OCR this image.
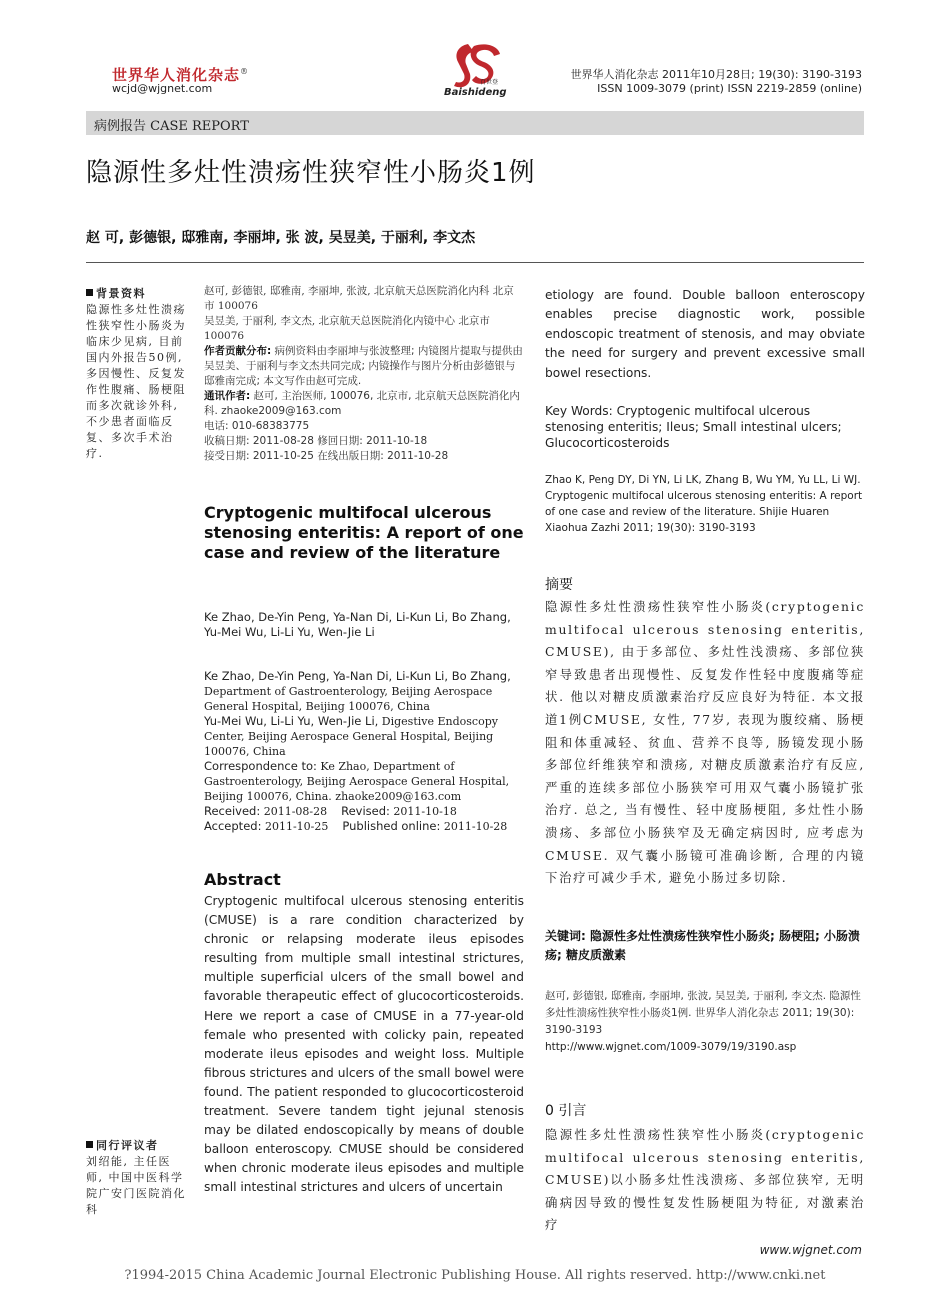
世界华人消化杂志®
wcjd@wjgnet.com	百世登
Baishideng
世界华人消化杂志 2011年10月28日; 19(30): 3190-3193
ISSN 1009-3079 (print) ISSN 2219-2859 (online)
病例报告 CASE REPORT
隐源性多灶性溃疡性狭窄性小肠炎1例
赵 可, 彭德银, 邸雅南, 李丽坤, 张 波, 吴昱美, 于丽利, 李文杰
背景资料
隐源性多灶性溃疡性狭窄性小肠炎为临床少见病, 目前国内外报告50例, 多因慢性、反复发作性腹痛、肠梗阻而多次就诊外科, 不少患者面临反复、多次手术治疗.
同行评议者
刘绍能, 主任医师, 中国中医科学院广安门医院消化科
赵可, 彭德银, 邸雅南, 李丽坤, 张波, 北京航天总医院消化内科 北京市 100076
吴昱美, 于丽利, 李文杰, 北京航天总医院消化内镜中心 北京市 100076
作者贡献分布: 病例资料由李丽坤与张波整理; 内镜图片提取与提供由吴昱美、于丽利与李文杰共同完成; 内镜操作与图片分析由彭德银与邸雅南完成; 本文写作由赵可完成.
通讯作者: 赵可, 主治医师, 100076, 北京市, 北京航天总医院消化内科. zhaoke2009@163.com
电话: 010-68383775
收稿日期: 2011-08-28 修回日期: 2011-10-18
接受日期: 2011-10-25 在线出版日期: 2011-10-28
Cryptogenic multifocal ulcerous stenosing enteritis: A report of one case and review of the literature
Ke Zhao, De-Yin Peng, Ya-Nan Di, Li-Kun Li, Bo Zhang, Yu-Mei Wu, Li-Li Yu, Wen-Jie Li
Ke Zhao, De-Yin Peng, Ya-Nan Di, Li-Kun Li, Bo Zhang, Department of Gastroenterology, Beijing Aerospace General Hospital, Beijing 100076, China
Yu-Mei Wu, Li-Li Yu, Wen-Jie Li, Digestive Endoscopy Center, Beijing Aerospace General Hospital, Beijing 100076, China
Correspondence to: Ke Zhao, Department of Gastroenterology, Beijing Aerospace General Hospital, Beijing 100076, China. zhaoke2009@163.com
Received: 2011-08-28 Revised: 2011-10-18
Accepted: 2011-10-25 Published online: 2011-10-28
Abstract
Cryptogenic multifocal ulcerous stenosing enteritis (CMUSE) is a rare condition characterized by chronic or relapsing moderate ileus episodes resulting from multiple small intestinal strictures, multiple superficial ulcers of the small bowel and favorable therapeutic effect of glucocorticosteroids. Here we report a case of CMUSE in a 77-year-old female who presented with colicky pain, repeated moderate ileus episodes and weight loss. Multiple fibrous strictures and ulcers of the small bowel were found. The patient responded to glucocorticosteroid treatment. Severe tandem tight jejunal stenosis may be dilated endoscopically by means of double balloon enteroscopy. CMUSE should be considered when chronic moderate ileus episodes and multiple small intestinal strictures and ulcers of uncertain
etiology are found. Double balloon enteroscopy enables precise diagnostic work, possible endoscopic treatment of stenosis, and may obviate the need for surgery and prevent excessive small bowel resections.
Key Words: Cryptogenic multifocal ulcerous stenosing enteritis; Ileus; Small intestinal ulcers; Glucocorticosteroids
Zhao K, Peng DY, Di YN, Li LK, Zhang B, Wu YM, Yu LL, Li WJ. Cryptogenic multifocal ulcerous stenosing enteritis: A report of one case and review of the literature. Shijie Huaren Xiaohua Zazhi 2011; 19(30): 3190-3193
摘要
隐源性多灶性溃疡性狭窄性小肠炎(cryptogenic multifocal ulcerous stenosing enteritis, CMUSE), 由于多部位、多灶性浅溃疡、多部位狭窄导致患者出现慢性、反复发作性轻中度腹痛等症状. 他以对糖皮质激素治疗反应良好为特征. 本文报道1例CMUSE, 女性, 77岁, 表现为腹绞痛、肠梗阻和体重减轻、贫血、营养不良等, 肠镜发现小肠多部位纤维狭窄和溃疡, 对糖皮质激素治疗有反应, 严重的连续多部位小肠狭窄可用双气囊小肠镜扩张治疗. 总之, 当有慢性、轻中度肠梗阻, 多灶性小肠溃疡、多部位小肠狭窄及无确定病因时, 应考虑为CMUSE. 双气囊小肠镜可准确诊断, 合理的内镜下治疗可减少手术, 避免小肠过多切除.
关键词: 隐源性多灶性溃疡性狭窄性小肠炎; 肠梗阻; 小肠溃疡; 糖皮质激素
赵可, 彭德银, 邸雅南, 李丽坤, 张波, 吴昱美, 于丽利, 李文杰. 隐源性多灶性溃疡性狭窄性小肠炎1例. 世界华人消化杂志 2011; 19(30): 3190-3193
http://www.wjgnet.com/1009-3079/19/3190.asp
0 引言
隐源性多灶性溃疡性狭窄性小肠炎(cryptogenic multifocal ulcerous stenosing enteritis, CMUSE)以小肠多灶性浅溃疡、多部位狭窄, 无明确病因导致的慢性复发性肠梗阻为特征, 对激素治疗
www.wjgnet.com
?1994-2015 China Academic Journal Electronic Publishing House. All rights reserved. http://www.cnki.net
